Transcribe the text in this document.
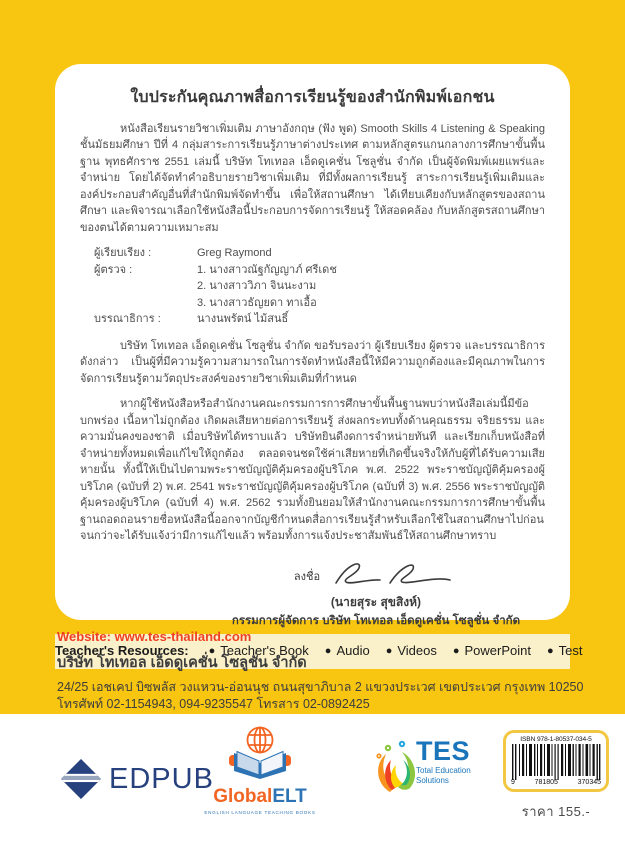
ใบประกันคุณภาพสื่อการเรียนรู้ของสำนักพิมพ์เอกชน

หนังสือเรียนรายวิชาเพิ่มเติม ภาษาอังกฤษ (ฟัง พูด) Smooth Skills 4 Listening & Speaking ชั้นมัธยมศึกษา ปีที่ 4 กลุ่มสาระการเรียนรู้ภาษาต่างประเทศ ตามหลักสูตรแกนกลางการศึกษาขั้นพื้นฐาน พุทธศักราช 2551 เล่มนี้ บริษัท โทเทอล เอ็ดดูเคชั่น โซลูชั่น จำกัด เป็นผู้จัดพิมพ์เผยแพร่และจำหน่าย โดยได้จัดทำคำอธิบายรายวิชาเพิ่มเติม ที่มีทั้งผลการเรียนรู้ สาระการเรียนรู้เพิ่มเติมและองค์ประกอบสำคัญอื่นที่สำนักพิมพ์จัดทำขึ้น เพื่อให้สถานศึกษา ได้เทียบเคียงกับหลักสูตรของสถานศึกษา และพิจารณาเลือกใช้หนังสือนี้ประกอบการจัดการเรียนรู้ ให้สอดคล้อง กับหลักสูตรสถานศึกษาของตนได้ตามความเหมาะสม

ผู้เรียบเรียง :	Greg Raymond
ผู้ตรวจ :	1. นางสาวณัฐกัญญาภ์ ศรีเดช
2. นางสาววิภา จินนะงาม
3. นางสาวธัญยดา ทาเอื้อ
บรรณาธิการ :	นางนพรัตน์ ไม้สนธิ์

บริษัท โทเทอล เอ็ดดูเคชั่น โซลูชั่น จำกัด ขอรับรองว่า ผู้เรียบเรียง ผู้ตรวจ และบรรณาธิการ ดังกล่าว เป็นผู้ที่มีความรู้ความสามารถในการจัดทำหนังสือนี้ให้มีความถูกต้องและมีคุณภาพในการจัดการเรียนรู้ตามวัตถุประสงค์ของรายวิชาเพิ่มเติมที่กำหนด

หากผู้ใช้หนังสือหรือสำนักงานคณะกรรมการการศึกษาขั้นพื้นฐานพบว่าหนังสือเล่มนี้มีข้อบกพร่อง เนื้อหาไม่ถูกต้อง เกิดผลเสียหายต่อการเรียนรู้ ส่งผลกระทบทั้งด้านคุณธรรม จริยธรรม และความมั่นคงของชาติ เมื่อบริษัทได้ทราบแล้ว บริษัทยินดีงดการจำหน่ายทันที และเรียกเก็บหนังสือที่จำหน่ายทั้งหมดเพื่อแก้ไขให้ถูกต้อง ตลอดจนชดใช้ค่าเสียหายที่เกิดขึ้นจริงให้กับผู้ที่ได้รับความเสียหายนั้น ทั้งนี้ให้เป็นไปตามพระราชบัญญัติคุ้มครองผู้บริโภค พ.ศ. 2522 พระราชบัญญัติคุ้มครองผู้บริโภค (ฉบับที่ 2) พ.ศ. 2541 พระราชบัญญัติคุ้มครองผู้บริโภค (ฉบับที่ 3) พ.ศ. 2556 พระราชบัญญัติคุ้มครองผู้บริโภค (ฉบับที่ 4) พ.ศ. 2562 รวมทั้งยินยอมให้สำนักงานคณะกรรมการการศึกษาขั้นพื้นฐานถอดถอนรายชื่อหนังสือนี้ออกจากบัญชีกำหนดสื่อการเรียนรู้สำหรับเลือกใช้ในสถานศึกษาไปก่อนจนกว่าจะได้รับแจ้งว่ามีการแก้ไขแล้ว พร้อมทั้งการแจ้งประชาสัมพันธ์ให้สถานศึกษาทราบ

ลงชื่อ
(นายสุระ สุขสิงห์)
กรรมการผู้จัดการ บริษัท โทเทอล เอ็ดดูเคชั่น โซลูชั่น จำกัด
Teacher's Resources: ● Teacher's Book ● Audio ● Videos ● PowerPoint ● Test
Website: www.tes-thailand.com
บริษัท โทเทอล เอ็ดดูเคชั่น โซลูชั่น จำกัด
24/25 เอชเคป บิซพลัส วงแหวน-อ่อนนุช ถนนสุขาภิบาล 2 แขวงประเวศ เขตประเวศ กรุงเทพ 10250
โทรศัพท์ 02-1154943, 094-9235547 โทรสาร 02-0892425
EDPUB
GlobalELT
ENGLISH LANGUAGE TEACHING BOOKS
TES
Total Education Solutions
ISBN 978-1-80537-034-5
9	781805	370345
ราคา 155.-
